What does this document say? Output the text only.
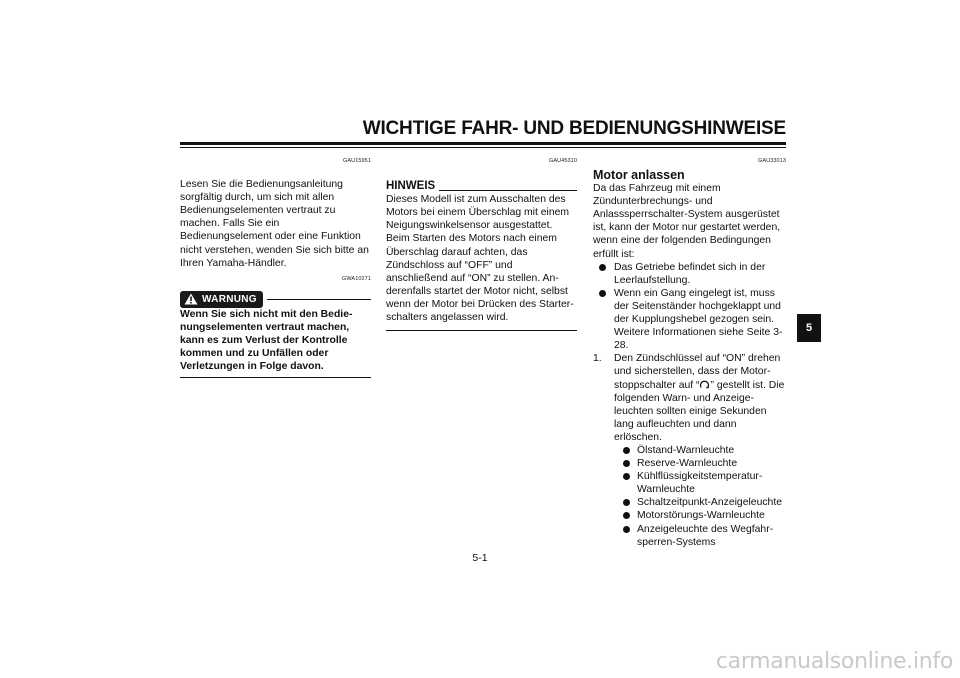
WICHTIGE FAHR- UND BEDIENUNGSHINWEISE
GAU15951

Lesen Sie die Bedienungsanleitung sorgfältig durch, um sich mit allen Bedienungselementen vertraut zu machen. Falls Sie ein Bedienungselement oder eine Funktion nicht verstehen, wenden Sie sich bitte an Ihren Yamaha-Händler.

GWA10271
WARNUNG

Wenn Sie sich nicht mit den Bedienungselementen vertraut machen, kann es zum Verlust der Kontrolle kommen und zu Unfällen oder Verletzungen in Folge davon.

GAU45310
HINWEIS

Dieses Modell ist zum Ausschalten des Motors bei einem Überschlag mit einem Neigungswinkelsensor ausgestattet. Beim Starten des Motors nach einem Überschlag darauf achten, das Zündschloss auf “OFF” und anschließend auf “ON” zu stellen. Anderenfalls startet der Motor nicht, selbst wenn der Motor bei Drücken des Starterschalters angelassen wird.

GAU33013
Motor anlassen

Da das Fahrzeug mit einem Zündunterbrechungs- und Anlasssperrschalter-System ausgerüstet ist, kann der Motor nur gestartet werden, wenn eine der folgenden Bedingungen erfüllt ist:

Das Getriebe befindet sich in der Leerlaufstellung.
Wenn ein Gang eingelegt ist, muss der Seitenständer hochgeklappt und der Kupplungshebel gezogen sein. Weitere Informationen siehe Seite 3-28.
1. Den Zündschlüssel auf “ON” drehen und sicherstellen, dass der Motorstoppschalter auf “ ” gestellt ist. Die folgenden Warn- und Anzeigeleuchten sollten einige Sekunden lang aufleuchten und dann erlöschen.
Ölstand-Warnleuchte
Reserve-Warnleuchte
Kühlflüssigkeitstemperatur-Warnleuchte
Schaltzeitpunkt-Anzeigeleuchte
Motorstörungs-Warnleuchte
Anzeigeleuchte des Wegfahrsperren-Systems
5
5-1
carmanualsonline.info
